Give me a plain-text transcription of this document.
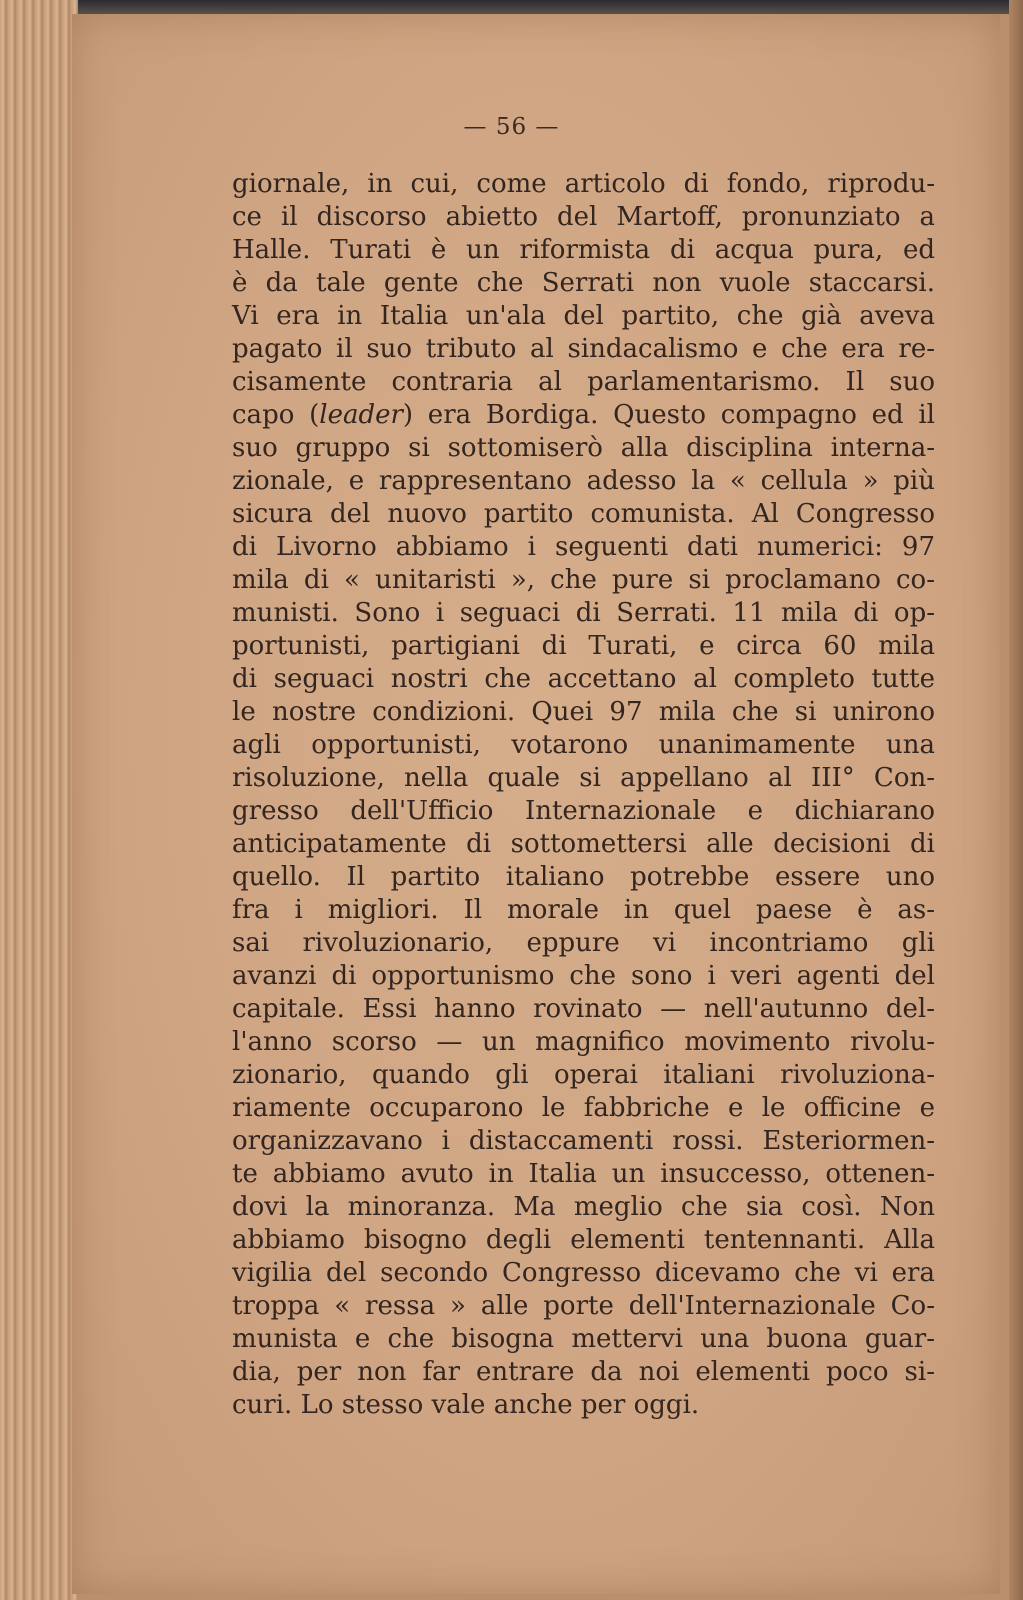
— 56 —
giornale, in cui, come articolo di fondo, riprodu-
ce il discorso abietto del Martoff, pronunziato a
Halle. Turati è un riformista di acqua pura, ed
è da tale gente che Serrati non vuole staccarsi.
Vi era in Italia un'ala del partito, che già aveva
pagato il suo tributo al sindacalismo e che era re-
cisamente contraria al parlamentarismo. Il suo
capo (leader) era Bordiga. Questo compagno ed il
suo gruppo si sottomiserò alla disciplina interna-
zionale, e rappresentano adesso la « cellula » più
sicura del nuovo partito comunista. Al Congresso
di Livorno abbiamo i seguenti dati numerici: 97
mila di « unitaristi », che pure si proclamano co-
munisti. Sono i seguaci di Serrati. 11 mila di op-
portunisti, partigiani di Turati, e circa 60 mila
di seguaci nostri che accettano al completo tutte
le nostre condizioni. Quei 97 mila che si unirono
agli opportunisti, votarono unanimamente una
risoluzione, nella quale si appellano al III° Con-
gresso dell'Ufficio Internazionale e dichiarano
anticipatamente di sottomettersi alle decisioni di
quello. Il partito italiano potrebbe essere uno
fra i migliori. Il morale in quel paese è as-
sai rivoluzionario, eppure vi incontriamo gli
avanzi di opportunismo che sono i veri agenti del
capitale. Essi hanno rovinato — nell'autunno del-
l'anno scorso — un magnifico movimento rivolu-
zionario, quando gli operai italiani rivoluziona-
riamente occuparono le fabbriche e le officine e
organizzavano i distaccamenti rossi. Esteriormen-
te abbiamo avuto in Italia un insuccesso, ottenen-
dovi la minoranza. Ma meglio che sia così. Non
abbiamo bisogno degli elementi tentennanti. Alla
vigilia del secondo Congresso dicevamo che vi era
troppa « ressa » alle porte dell'Internazionale Co-
munista e che bisogna mettervi una buona guar-
dia, per non far entrare da noi elementi poco si-
curi. Lo stesso vale anche per oggi.
